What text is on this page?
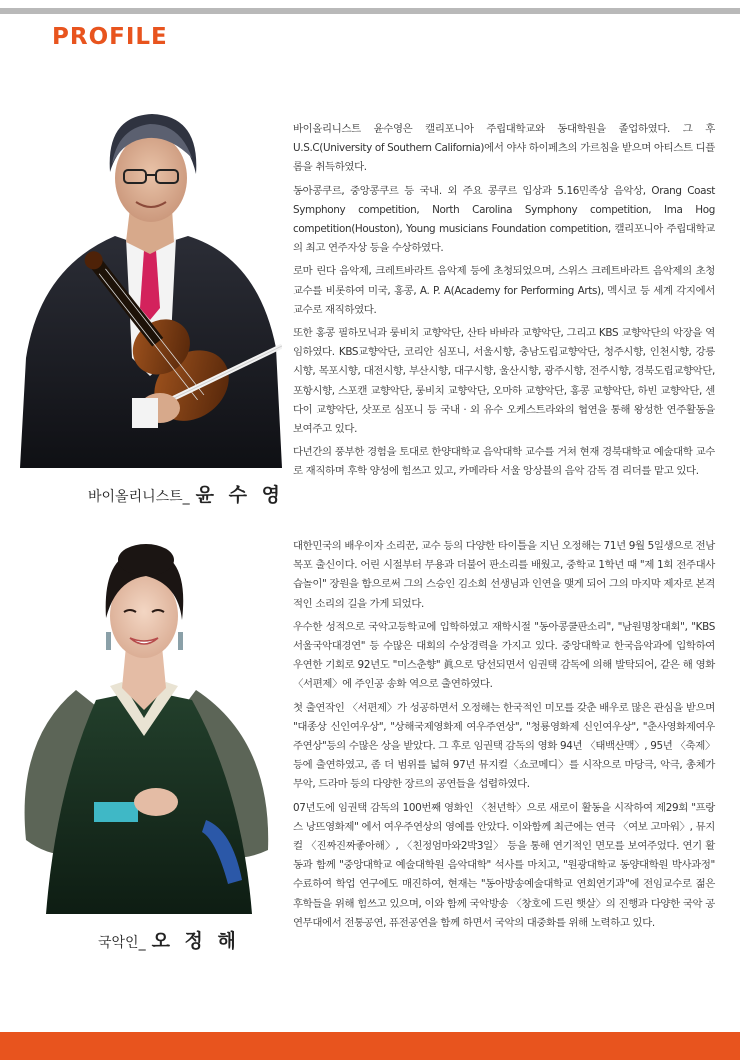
PROFILE
바이올리니스트_ 윤 수 영

바이올리니스트 윤수영은 캘리포니아 주립대학교와 동대학원을 졸업하였다. 그 후 U.S.C(University of Southern California)에서 야샤 하이페츠의 가르침을 받으며 아티스트 디플롬을 취득하였다.

동아콩쿠르, 중앙콩쿠르 등 국내. 외 주요 콩쿠르 입상과 5.16민족상 음악상, Orang Coast Symphony competition, North Carolina Symphony competition, Ima Hog competition(Houston), Young musicians Foundation competition, 캘리포니아 주립대학교의 최고 연주자상 등을 수상하였다.

로마 린다 음악제, 크레트바라트 음악제 등에 초청되었으며, 스위스 크레트바라트 음악제의 초청교수를 비롯하여 미국, 홍콩, A. P. A(Academy for Performing Arts), 멕시코 등 세계 각지에서 교수로 재직하였다.

또한 홍콩 필하모닉과 룽비치 교향악단, 산타 바바라 교향악단, 그리고 KBS 교향악단의 악장을 역임하였다. KBS교향악단, 코리안 심포니, 서울시향, 충남도립교향악단, 청주시향, 인천시향, 강릉시향, 목포시향, 대전시향, 부산시향, 대구시향, 울산시향, 광주시향, 전주시향, 경북도립교향악단, 포항시향, 스포캔 교향악단, 룽비치 교향악단, 오마하 교향악단, 홍콩 교향악단, 하빈 교향악단, 센다이 교향악단, 삿포로 심포니 등 국내 · 외 유수 오케스트라와의 협연을 통해 왕성한 연주활동을 보여주고 있다.

다년간의 풍부한 경험을 토대로 한양대학교 음악대학 교수를 거쳐 현재 경북대학교 예술대학 교수로 재직하며 후학 양성에 힘쓰고 있고, 카메라타 서울 앙상블의 음악 감독 겸 리더를 맡고 있다.

국악인_ 오 정 해

대한민국의 배우이자 소리꾼, 교수 등의 다양한 타이틀을 지닌 오정해는 71년 9월 5일생으로 전남 목포 출신이다. 어린 시절부터 무용과 더불어 판소리를 배웠고, 중학교 1학년 때 "제 1회 전주대사습놀이" 장원을 함으로써 그의 스승인 김소희 선생님과 인연을 맺게 되어 그의 마지막 제자로 본격적인 소리의 길을 가게 되었다.

우수한 성적으로 국악고등학교에 입학하였고 재학시절 "동아콩쿨판소리", "남원명창대회", "KBS서울국악대경연" 등 수많은 대회의 수상경력을 가지고 있다. 중앙대학교 한국음악과에 입학하여 우연한 기회로 92년도 "미스춘향" 眞으로 당선되면서 임권택 감독에 의해 발탁되어, 같은 해 영화 〈서편제〉에 주인공 송화 역으로 출연하였다.

첫 출연작인 〈서편제〉가 성공하면서 오정해는 한국적인 미모를 갖춘 배우로 많은 관심을 받으며 "대종상 신인여우상", "상해국제영화제 여우주연상", "청룡영화제 신인여우상", "춘사영화제여우주연상"등의 수많은 상을 받았다. 그 후로 임권택 감독의 영화 94년 〈태백산맥〉, 95년 〈축제〉 등에 출연하였고, 좀 더 범위를 넓혀 97년 뮤지컬〈쇼코메디〉를 시작으로 마당극, 악극, 총체가무악, 드라마 등의 다양한 장르의 공연들을 섭렵하였다.

07년도에 임권택 감독의 100번째 영화인 〈천년학〉으로 새로이 활동을 시작하여 제29회 "프랑스 낭뜨영화제" 에서 여우주연상의 영예를 안았다. 이와함께 최근에는 연극 〈여보 고마워〉, 뮤지컬 〈진짜진짜좋아해〉, 〈친정엄마와2박3일〉 등을 통해 연기적인 면모를 보여주었다. 연기 활동과 함께 "중앙대학교 예술대학원 음악대학" 석사를 마치고, "원광대학교 동양대학원 박사과정" 수료하여 학업 연구에도 매진하여, 현재는 "동아방송예술대학교 연희연기과"에 전임교수로 젊은 후학들을 위해 힘쓰고 있으며, 이와 함께 국악방송 〈창호에 드린 햇살〉의 진행과 다양한 국악 공연무대에서 전통공연, 퓨전공연을 함께 하면서 국악의 대중화를 위해 노력하고 있다.
